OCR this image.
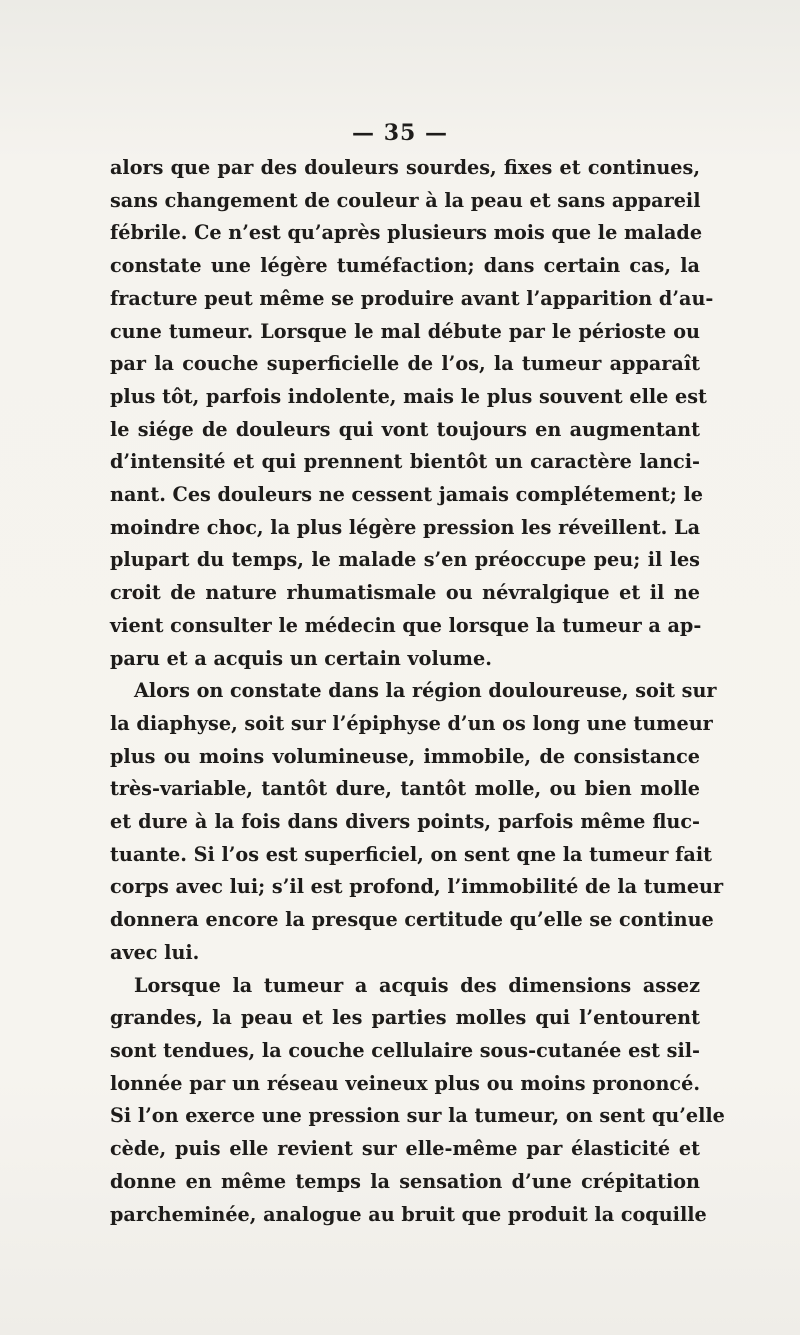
— 35 —
alors que par des douleurs sourdes, fixes et continues,
sans changement de couleur à la peau et sans appareil
fébrile. Ce n’est qu’après plusieurs mois que le malade
constate une légère tuméfaction; dans certain cas, la
fracture peut même se produire avant l’apparition d’au-
cune tumeur. Lorsque le mal débute par le périoste ou
par la couche superficielle de l’os, la tumeur apparaît
plus tôt, parfois indolente, mais le plus souvent elle est
le siége de douleurs qui vont toujours en augmentant
d’intensité et qui prennent bientôt un caractère lanci-
nant. Ces douleurs ne cessent jamais complétement; le
moindre choc, la plus légère pression les réveillent. La
plupart du temps, le malade s’en préoccupe peu; il les
croit de nature rhumatismale ou névralgique et il ne
vient consulter le médecin que lorsque la tumeur a ap-
paru et a acquis un certain volume.
Alors on constate dans la région douloureuse, soit sur
la diaphyse, soit sur l’épiphyse d’un os long une tumeur
plus ou moins volumineuse, immobile, de consistance
très-variable, tantôt dure, tantôt molle, ou bien molle
et dure à la fois dans divers points, parfois même fluc-
tuante. Si l’os est superficiel, on sent qne la tumeur fait
corps avec lui; s’il est profond, l’immobilité de la tumeur
donnera encore la presque certitude qu’elle se continue
avec lui.
Lorsque la tumeur a acquis des dimensions assez
grandes, la peau et les parties molles qui l’entourent
sont tendues, la couche cellulaire sous-cutanée est sil-
lonnée par un réseau veineux plus ou moins prononcé.
Si l’on exerce une pression sur la tumeur, on sent qu’elle
cède, puis elle revient sur elle-même par élasticité et
donne en même temps la sensation d’une crépitation
parcheminée, analogue au bruit que produit la coquille
